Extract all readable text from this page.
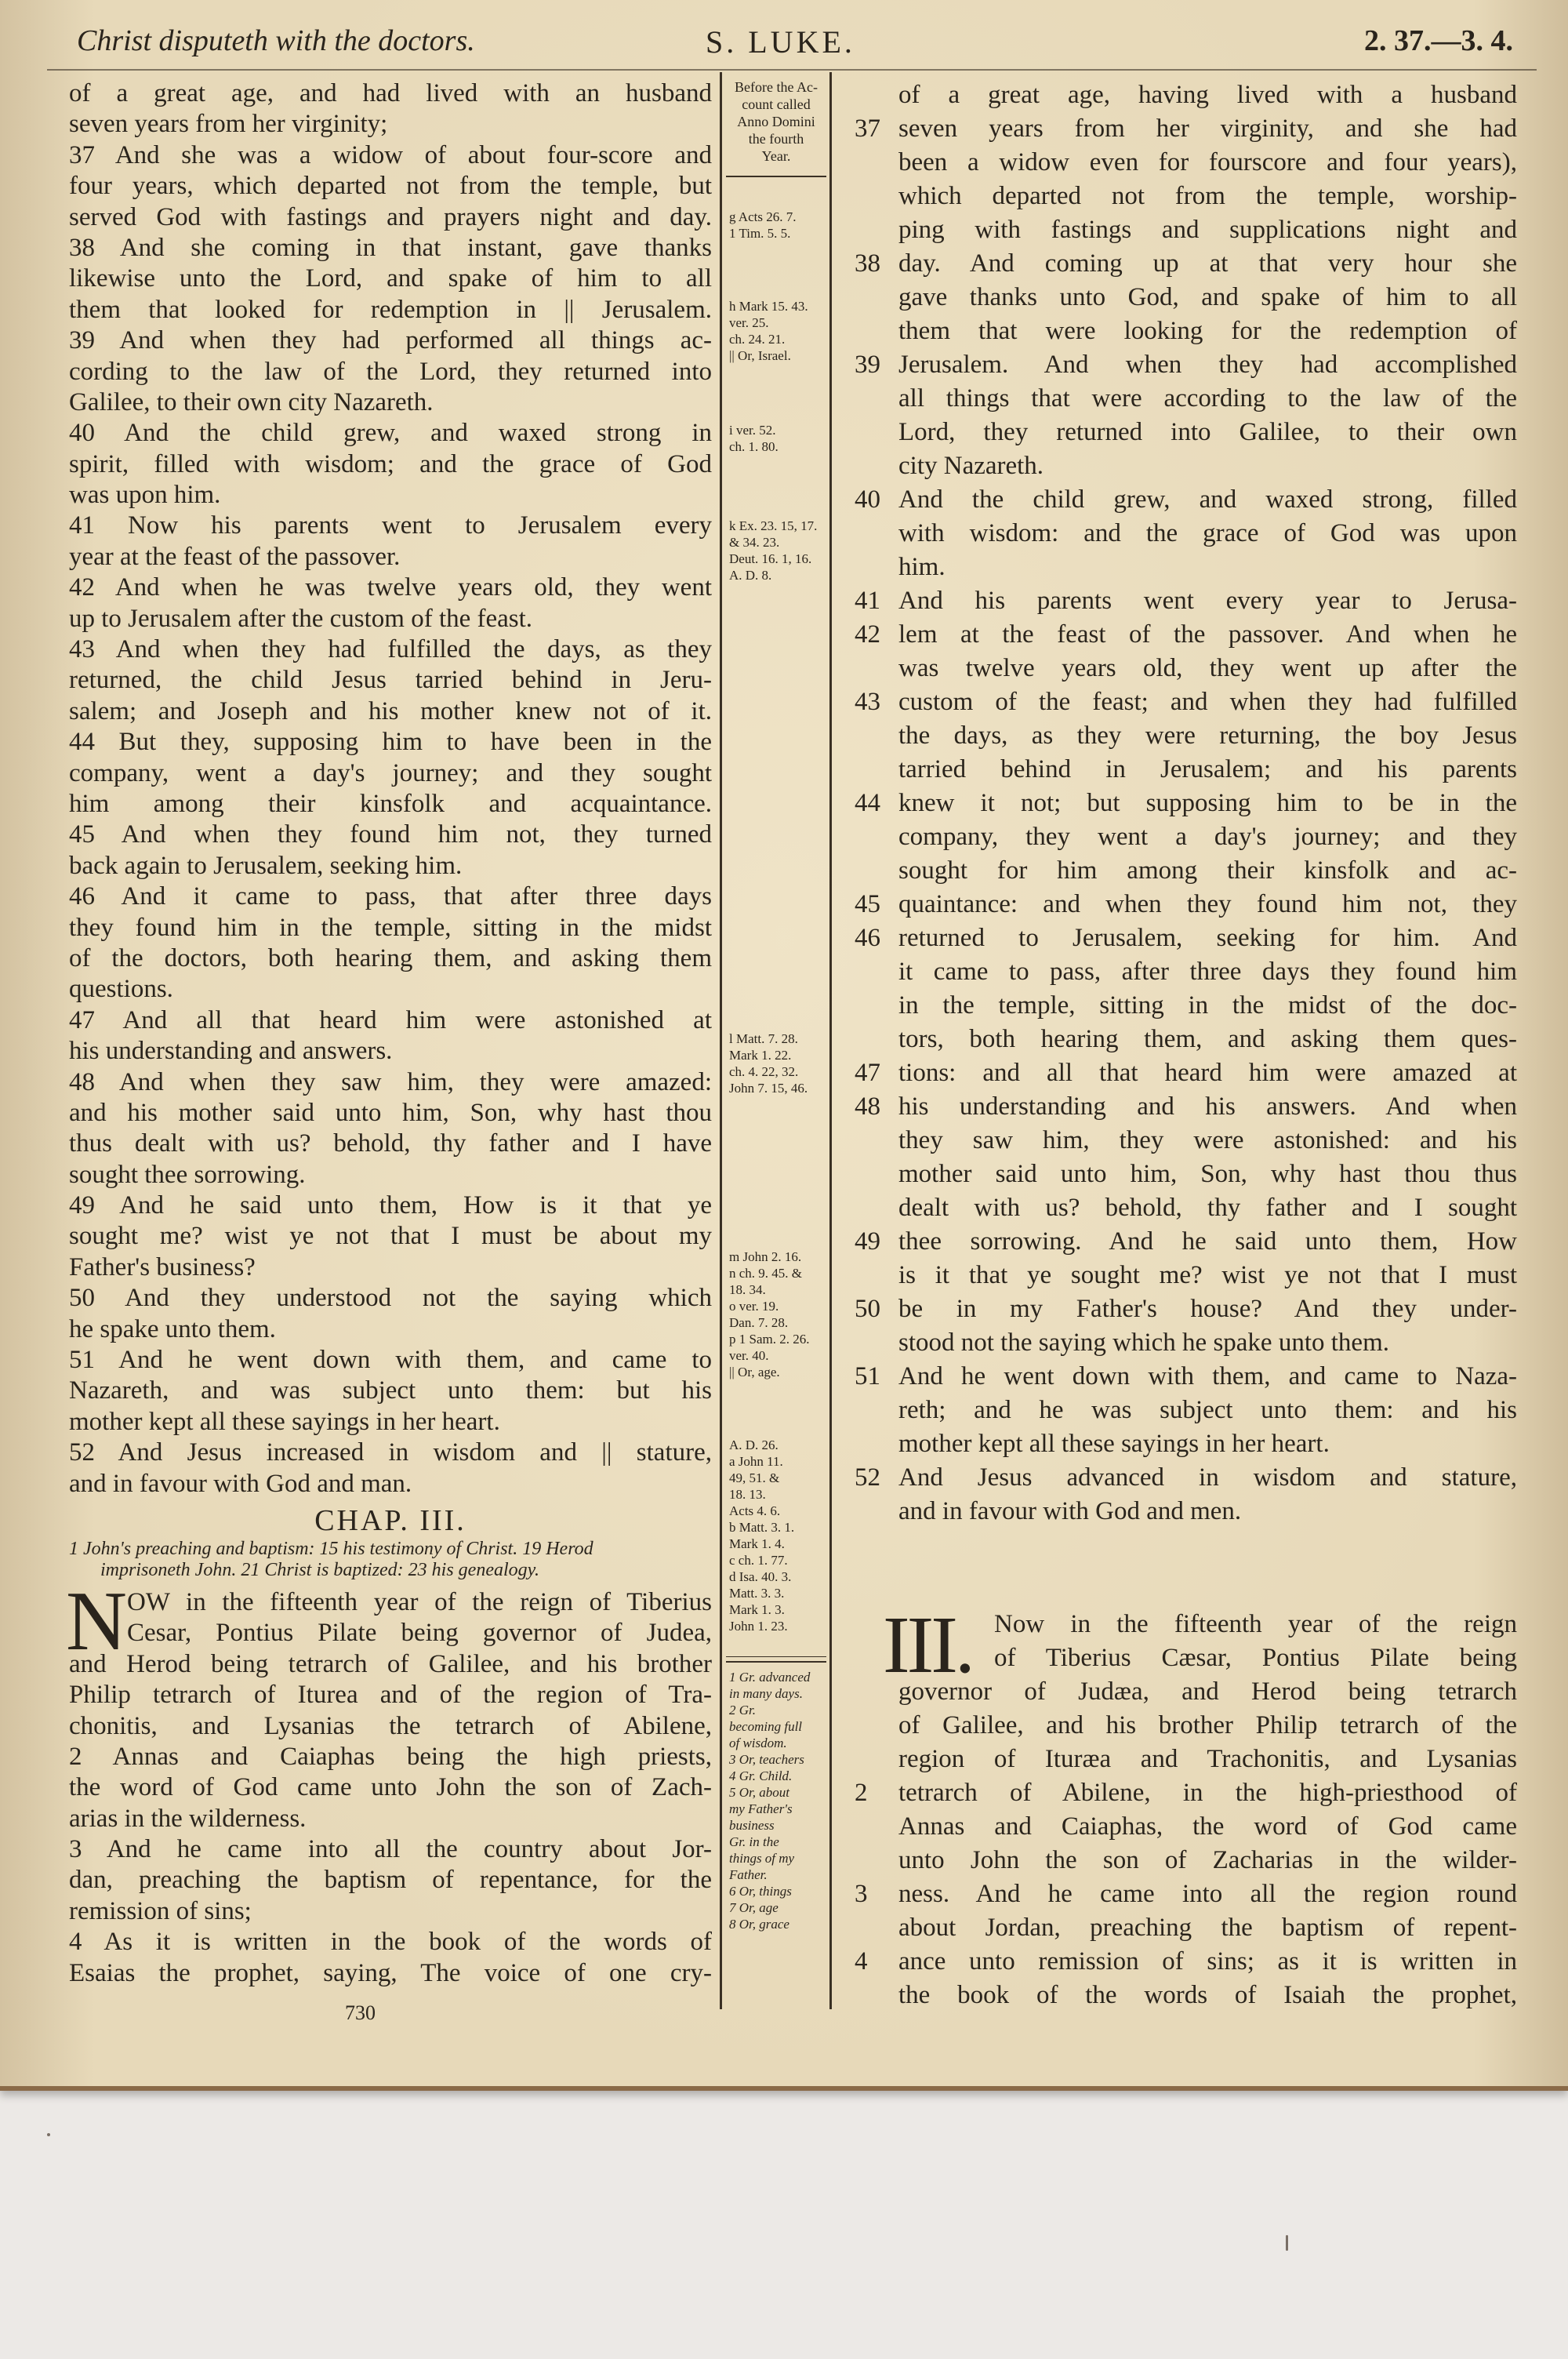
Christ disputeth with the doctors.	S. LUKE.	2. 37.—3. 4.
of a great age, and had lived with an husband
seven years from her virginity;
37 And she was a widow of about four-score and
four years, which departed not from the temple, but
served God with fastings and prayers night and day.
38 And she coming in that instant, gave thanks
likewise unto the Lord, and spake of him to all
them that looked for redemption in || Jerusalem.
39 And when they had performed all things ac-
cording to the law of the Lord, they returned into
Galilee, to their own city Nazareth.
40 And the child grew, and waxed strong in
spirit, filled with wisdom; and the grace of God
was upon him.
41 Now his parents went to Jerusalem every
year at the feast of the passover.
42 And when he was twelve years old, they went
up to Jerusalem after the custom of the feast.
43 And when they had fulfilled the days, as they
returned, the child Jesus tarried behind in Jeru-
salem; and Joseph and his mother knew not of it.
44 But they, supposing him to have been in the
company, went a day's journey; and they sought
him among their kinsfolk and acquaintance.
45 And when they found him not, they turned
back again to Jerusalem, seeking him.
46 And it came to pass, that after three days
they found him in the temple, sitting in the midst
of the doctors, both hearing them, and asking them
questions.
47 And all that heard him were astonished at
his understanding and answers.
48 And when they saw him, they were amazed:
and his mother said unto him, Son, why hast thou
thus dealt with us? behold, thy father and I have
sought thee sorrowing.
49 And he said unto them, How is it that ye
sought me? wist ye not that I must be about my
Father's business?
50 And they understood not the saying which
he spake unto them.
51 And he went down with them, and came to
Nazareth, and was subject unto them: but his
mother kept all these sayings in her heart.
52 And Jesus increased in wisdom and || stature,
and in favour with God and man.
CHAP. III.
1 John's preaching and baptism: 15 his testimony of Christ. 19 Herod
imprisoneth John. 21 Christ is baptized: 23 his genealogy.
N OW in the fifteenth year of the reign of Tiberius
Cesar, Pontius Pilate being governor of Judea,
and Herod being tetrarch of Galilee, and his brother
Philip tetrarch of Iturea and of the region of Tra-
chonitis, and Lysanias the tetrarch of Abilene,
2 Annas and Caiaphas being the high priests,
the word of God came unto John the son of Zach-
arias in the wilderness.
3 And he came into all the country about Jor-
dan, preaching the baptism of repentance, for the
remission of sins;
4 As it is written in the book of the words of
Esaias the prophet, saying, The voice of one cry-
Before the Ac-
count called
Anno Domini
the fourth
Year.
g Acts 26. 7.
1 Tim. 5. 5.
h Mark 15. 43.
ver. 25.
ch. 24. 21.
|| Or, Israel.
i ver. 52.
ch. 1. 80.
k Ex. 23. 15, 17.
& 34. 23.
Deut. 16. 1, 16.
A. D. 8.
l Matt. 7. 28.
Mark 1. 22.
ch. 4. 22, 32.
John 7. 15, 46.
m John 2. 16.
n ch. 9. 45. &
18. 34.
o ver. 19.
Dan. 7. 28.
p 1 Sam. 2. 26.
ver. 40.
|| Or, age.
A. D. 26.
a John 11.
49, 51. &
18. 13.
Acts 4. 6.
b Matt. 3. 1.
Mark 1. 4.
c ch. 1. 77.
d Isa. 40. 3.
Matt. 3. 3.
Mark 1. 3.
John 1. 23.
1 Gr. advanced
in many days.
2 Gr.
becoming full
of wisdom.
3 Or, teachers
4 Gr. Child.
5 Or, about
my Father's
business
Gr. in the
things of my
Father.
6 Or, things
7 Or, age
8 Or, grace
of a great age, having lived with a husband
37 seven years from her virginity, and she had
been a widow even for fourscore and four years),
which departed not from the temple, worship-
ping with fastings and supplications night and
38 day. And coming up at that very hour she
gave thanks unto God, and spake of him to all
them that were looking for the redemption of
39 Jerusalem. And when they had accomplished
all things that were according to the law of the
Lord, they returned into Galilee, to their own
city Nazareth.
40 And the child grew, and waxed strong, filled
with wisdom: and the grace of God was upon
him.
41 And his parents went every year to Jerusa-
42 lem at the feast of the passover. And when he
was twelve years old, they went up after the
43 custom of the feast; and when they had fulfilled
the days, as they were returning, the boy Jesus
tarried behind in Jerusalem; and his parents
44 knew it not; but supposing him to be in the
company, they went a day's journey; and they
sought for him among their kinsfolk and ac-
45 quaintance: and when they found him not, they
46 returned to Jerusalem, seeking for him. And
it came to pass, after three days they found him
in the temple, sitting in the midst of the doc-
tors, both hearing them, and asking them ques-
47 tions: and all that heard him were amazed at
48 his understanding and his answers. And when
they saw him, they were astonished: and his
mother said unto him, Son, why hast thou thus
dealt with us? behold, thy father and I sought
49 thee sorrowing. And he said unto them, How
is it that ye sought me? wist ye not that I must
50 be in my Father's house? And they under-
stood not the saying which he spake unto them.
51 And he went down with them, and came to Naza-
reth; and he was subject unto them: and his
mother kept all these sayings in her heart.
52 And Jesus advanced in wisdom and stature,
and in favour with God and men.
III. Now in the fifteenth year of the reign
of Tiberius Cæsar, Pontius Pilate being
governor of Judæa, and Herod being tetrarch
of Galilee, and his brother Philip tetrarch of the
region of Ituræa and Trachonitis, and Lysanias
2	tetrarch of Abilene, in the high-priesthood of
Annas and Caiaphas, the word of God came
unto John the son of Zacharias in the wilder-
3	ness. And he came into all the region round
about Jordan, preaching the baptism of repent-
4	ance unto remission of sins; as it is written in
the book of the words of Isaiah the prophet,
730
